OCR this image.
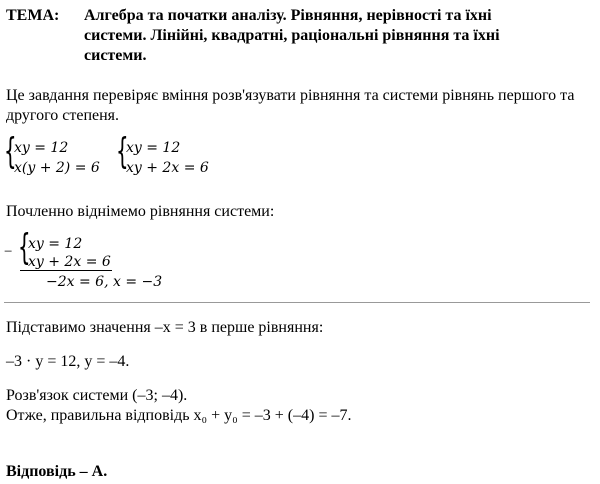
ТЕМА: Алгебра та початки аналізу. Рівняння, нерівності та їхні системи. Лінійні, квадратні, раціональні рівняння та їхні системи.
Це завдання перевіряє вміння розв'язувати рівняння та системи рівнянь першого та другого степеня.
{
xy = 12
x(y + 2) = 6 {
xy = 12
xy + 2x = 6
Почленно віднімемо рівняння системи:
− {
xy = 12
xy + 2x = 6
−2x = 6, x = −3
Підставимо значення –x = 3 в перше рівняння:
–3 · y = 12, y = –4.
Розв'язок системи (–3; –4).
Отже, правильна відповідь x₀ + y₀ = –3 + (–4) = –7.
Відповідь – А.
